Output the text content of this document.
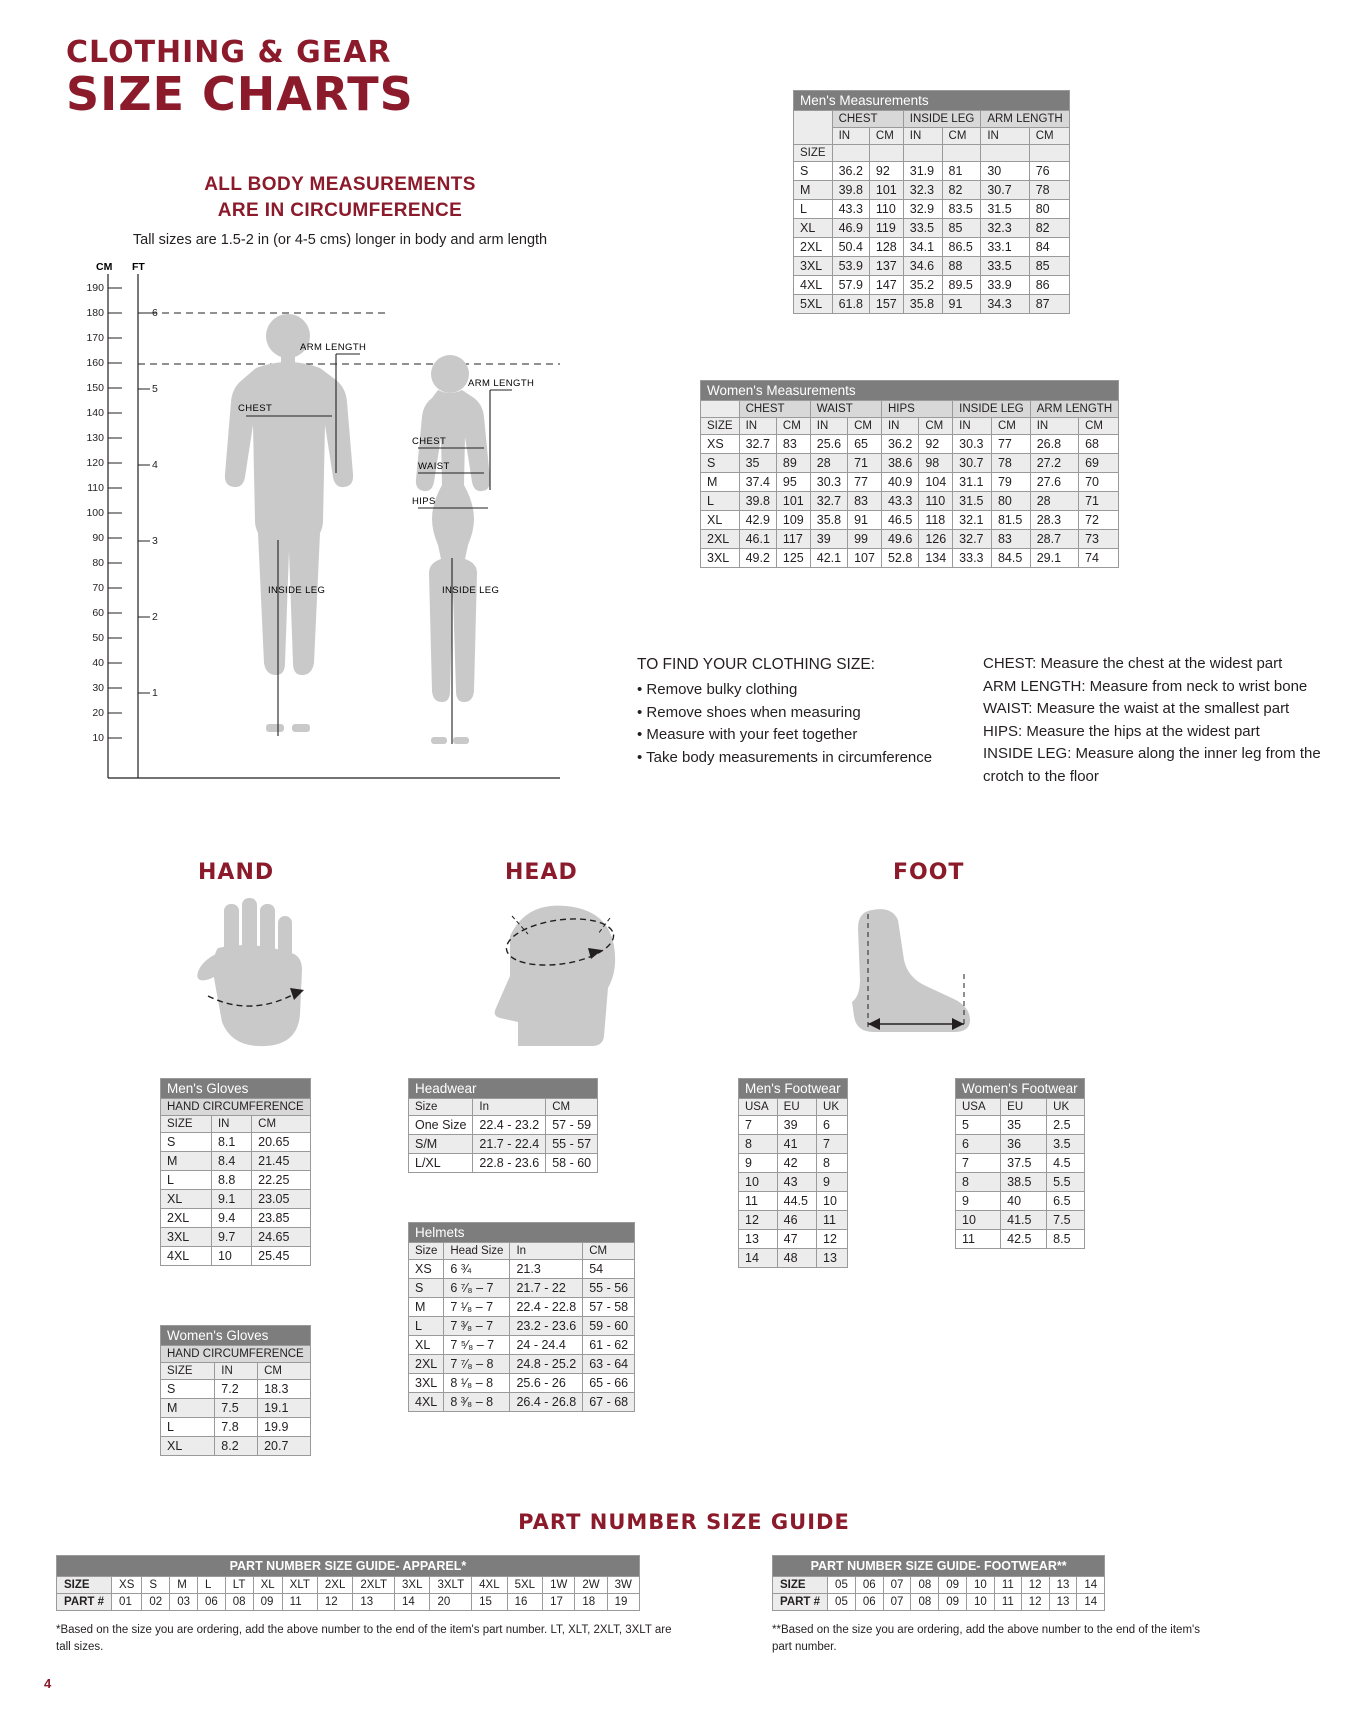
CLOTHING & GEAR
SIZE CHARTS
ALL BODY MEASUREMENTS
ARE IN CIRCUMFERENCE
Tall sizes are 1.5-2 in (or 4-5 cms) longer in body and arm length
190
180
170
160
150
140
130
120
110
100
90
80
70
60
50
40
30
20
10
6
5
4
3
2
1
CM FT
ARM LENGTH
CHEST
INSIDE LEG
ARM LENGTH
CHEST
WAIST
HIPS
INSIDE LEG
Men's Measurements						
	CHEST		INSIDE LEG		ARM LENGTH	
	IN	CM	IN	CM	IN	CM
SIZE						
S	36.2	92	31.9	81	30	76
M	39.8	101	32.3	82	30.7	78
L	43.3	110	32.9	83.5	31.5	80
XL	46.9	119	33.5	85	32.3	82
2XL	50.4	128	34.1	86.5	33.1	84
3XL	53.9	137	34.6	88	33.5	85
4XL	57.9	147	35.2	89.5	33.9	86
5XL	61.8	157	35.8	91	34.3	87
Women's Measurements										
	CHEST		WAIST		HIPS		INSIDE LEG		ARM LENGTH	
SIZE	IN	CM	IN	CM	IN	CM	IN	CM	IN	CM
XS	32.7	83	25.6	65	36.2	92	30.3	77	26.8	68
S	35	89	28	71	38.6	98	30.7	78	27.2	69
M	37.4	95	30.3	77	40.9	104	31.1	79	27.6	70
L	39.8	101	32.7	83	43.3	110	31.5	80	28	71
XL	42.9	109	35.8	91	46.5	118	32.1	81.5	28.3	72
2XL	46.1	117	39	99	49.6	126	32.7	83	28.7	73
3XL	49.2	125	42.1	107	52.8	134	33.3	84.5	29.1	74
TO FIND YOUR CLOTHING SIZE:
• Remove bulky clothing
• Remove shoes when measuring
• Measure with your feet together
• Take body measurements in circumference

CHEST: Measure the chest at the widest part

ARM LENGTH: Measure from neck to wrist bone

WAIST: Measure the waist at the smallest part

HIPS: Measure the hips at the widest part

INSIDE LEG: Measure along the inner leg from the crotch to the floor

HAND	HEAD	FOOT
Men's Gloves		
HAND CIRCUMFERENCE		
SIZE	IN	CM
S	8.1	20.65
M	8.4	21.45
L	8.8	22.25
XL	9.1	23.05
2XL	9.4	23.85
3XL	9.7	24.65
4XL	10	25.45
Women's Gloves		
HAND CIRCUMFERENCE		
SIZE	IN	CM
S	7.2	18.3
M	7.5	19.1
L	7.8	19.9
XL	8.2	20.7
Headwear		
Size	In	CM
One Size	22.4 - 23.2	57 - 59
S/M	21.7 - 22.4	55 - 57
L/XL	22.8 - 23.6	58 - 60
Helmets			
Size	Head Size	In	CM
XS	6 ¾	21.3	54
S	6 ⁷⁄₈ – 7	21.7 - 22	55 - 56
M	7 ¹⁄₈ – 7	22.4 - 22.8	57 - 58
L	7 ³⁄₈ – 7	23.2 - 23.6	59 - 60
XL	7 ⁵⁄₈ – 7	24 - 24.4	61 - 62
2XL	7 ⁷⁄₈ – 8	24.8 - 25.2	63 - 64
3XL	8 ¹⁄₈ – 8	25.6 - 26	65 - 66
4XL	8 ³⁄₈ – 8	26.4 - 26.8	67 - 68
Men's Footwear		
USA	EU	UK
7	39	6
8	41	7
9	42	8
10	43	9
11	44.5	10
12	46	11
13	47	12
14	48	13
Women's Footwear		
USA	EU	UK
5	35	2.5
6	36	3.5
7	37.5	4.5
8	38.5	5.5
9	40	6.5
10	41.5	7.5
11	42.5	8.5
PART NUMBER SIZE GUIDE
PART NUMBER SIZE GUIDE- APPAREL*																
SIZE	XS	S	M	L	LT	XL	XLT	2XL	2XLT	3XL	3XLT	4XL	5XL	1W	2W	3W
PART #	01	02	03	06	08	09	11	12	13	14	20	15	16	17	18	19
PART NUMBER SIZE GUIDE- FOOTWEAR**										
SIZE	05	06	07	08	09	10	11	12	13	14
PART #	05	06	07	08	09	10	11	12	13	14
*Based on the size you are ordering, add the above number to the end of the item's part number. LT, XLT, 2XLT, 3XLT are tall sizes.
**Based on the size you are ordering, add the above number to the end of the item's part number.
4
